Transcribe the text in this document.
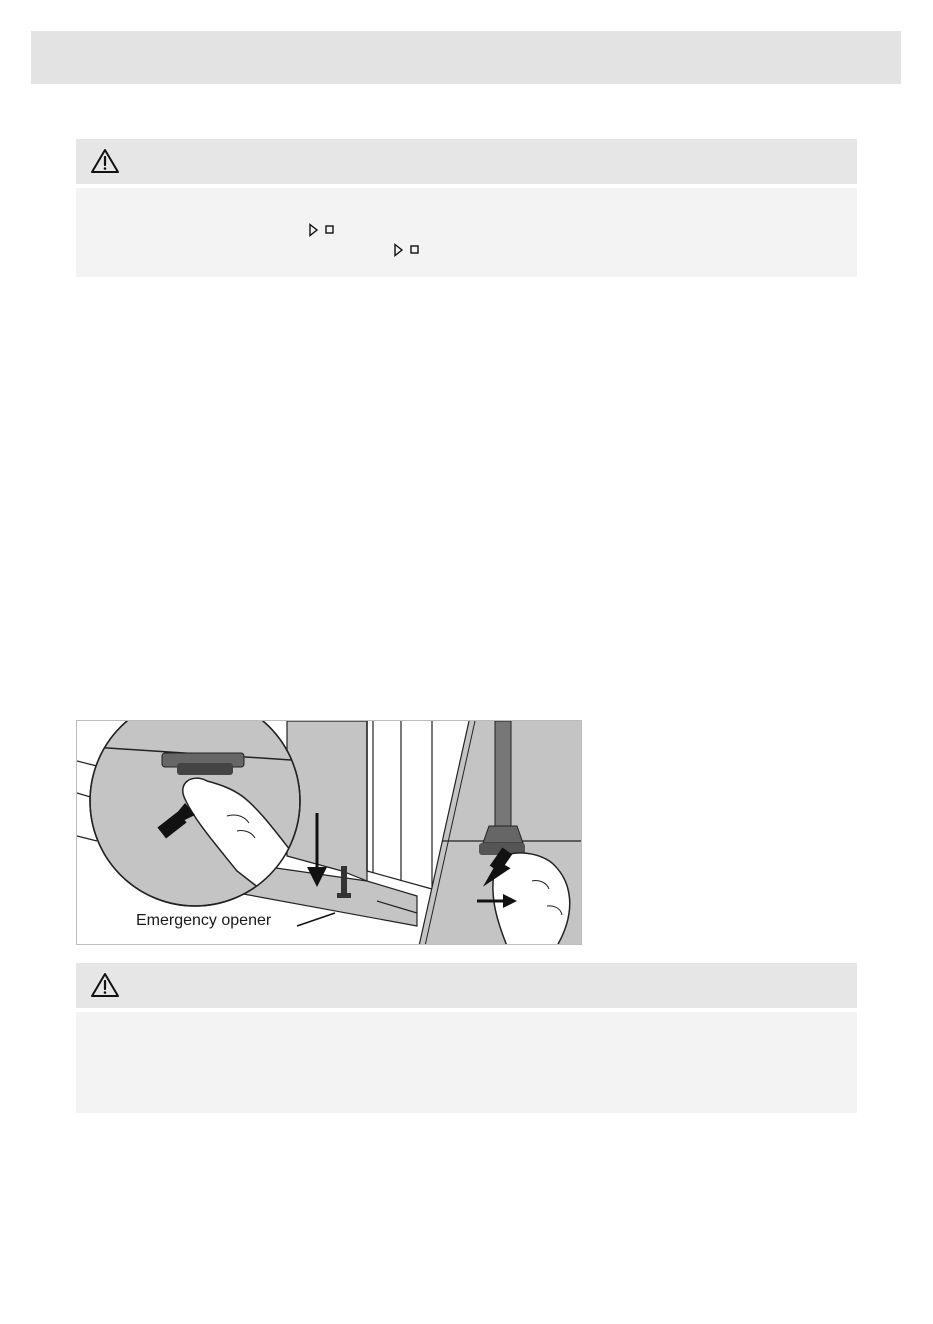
Emergency opener
